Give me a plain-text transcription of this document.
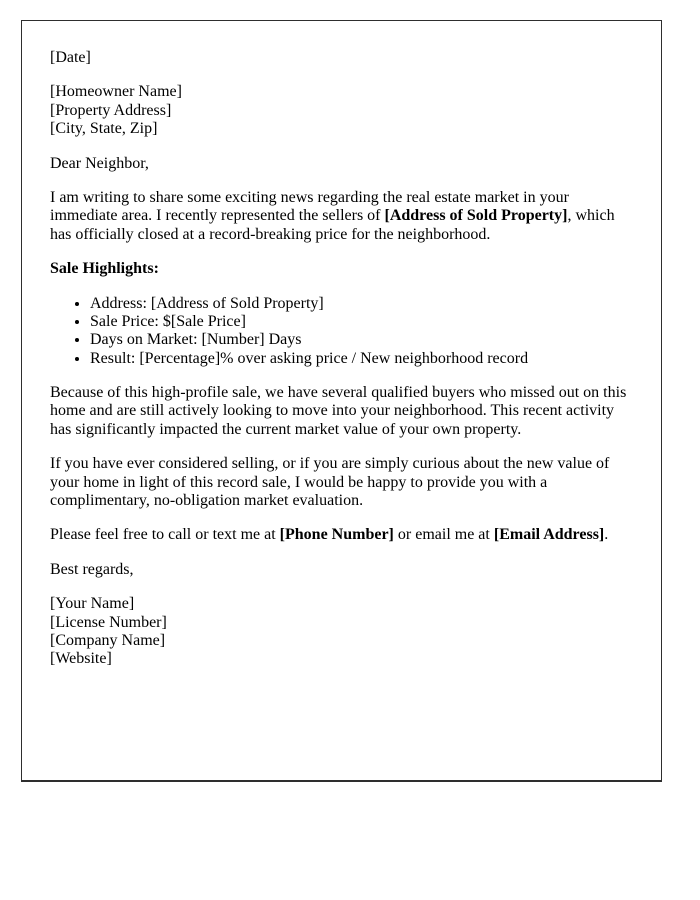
[Date]

[Homeowner Name]
[Property Address]
[City, State, Zip]

Dear Neighbor,

I am writing to share some exciting news regarding the real estate market in your immediate area. I recently represented the sellers of [Address of Sold Property], which has officially closed at a record-breaking price for the neighborhood.

Sale Highlights:

• Address: [Address of Sold Property]
• Sale Price: $[Sale Price]
• Days on Market: [Number] Days
• Result: [Percentage]% over asking price / New neighborhood record

Because of this high-profile sale, we have several qualified buyers who missed out on this home and are still actively looking to move into your neighborhood. This recent activity has significantly impacted the current market value of your own property.

If you have ever considered selling, or if you are simply curious about the new value of your home in light of this record sale, I would be happy to provide you with a complimentary, no-obligation market evaluation.

Please feel free to call or text me at [Phone Number] or email me at [Email Address].

Best regards,

[Your Name]
[License Number]
[Company Name]
[Website]
